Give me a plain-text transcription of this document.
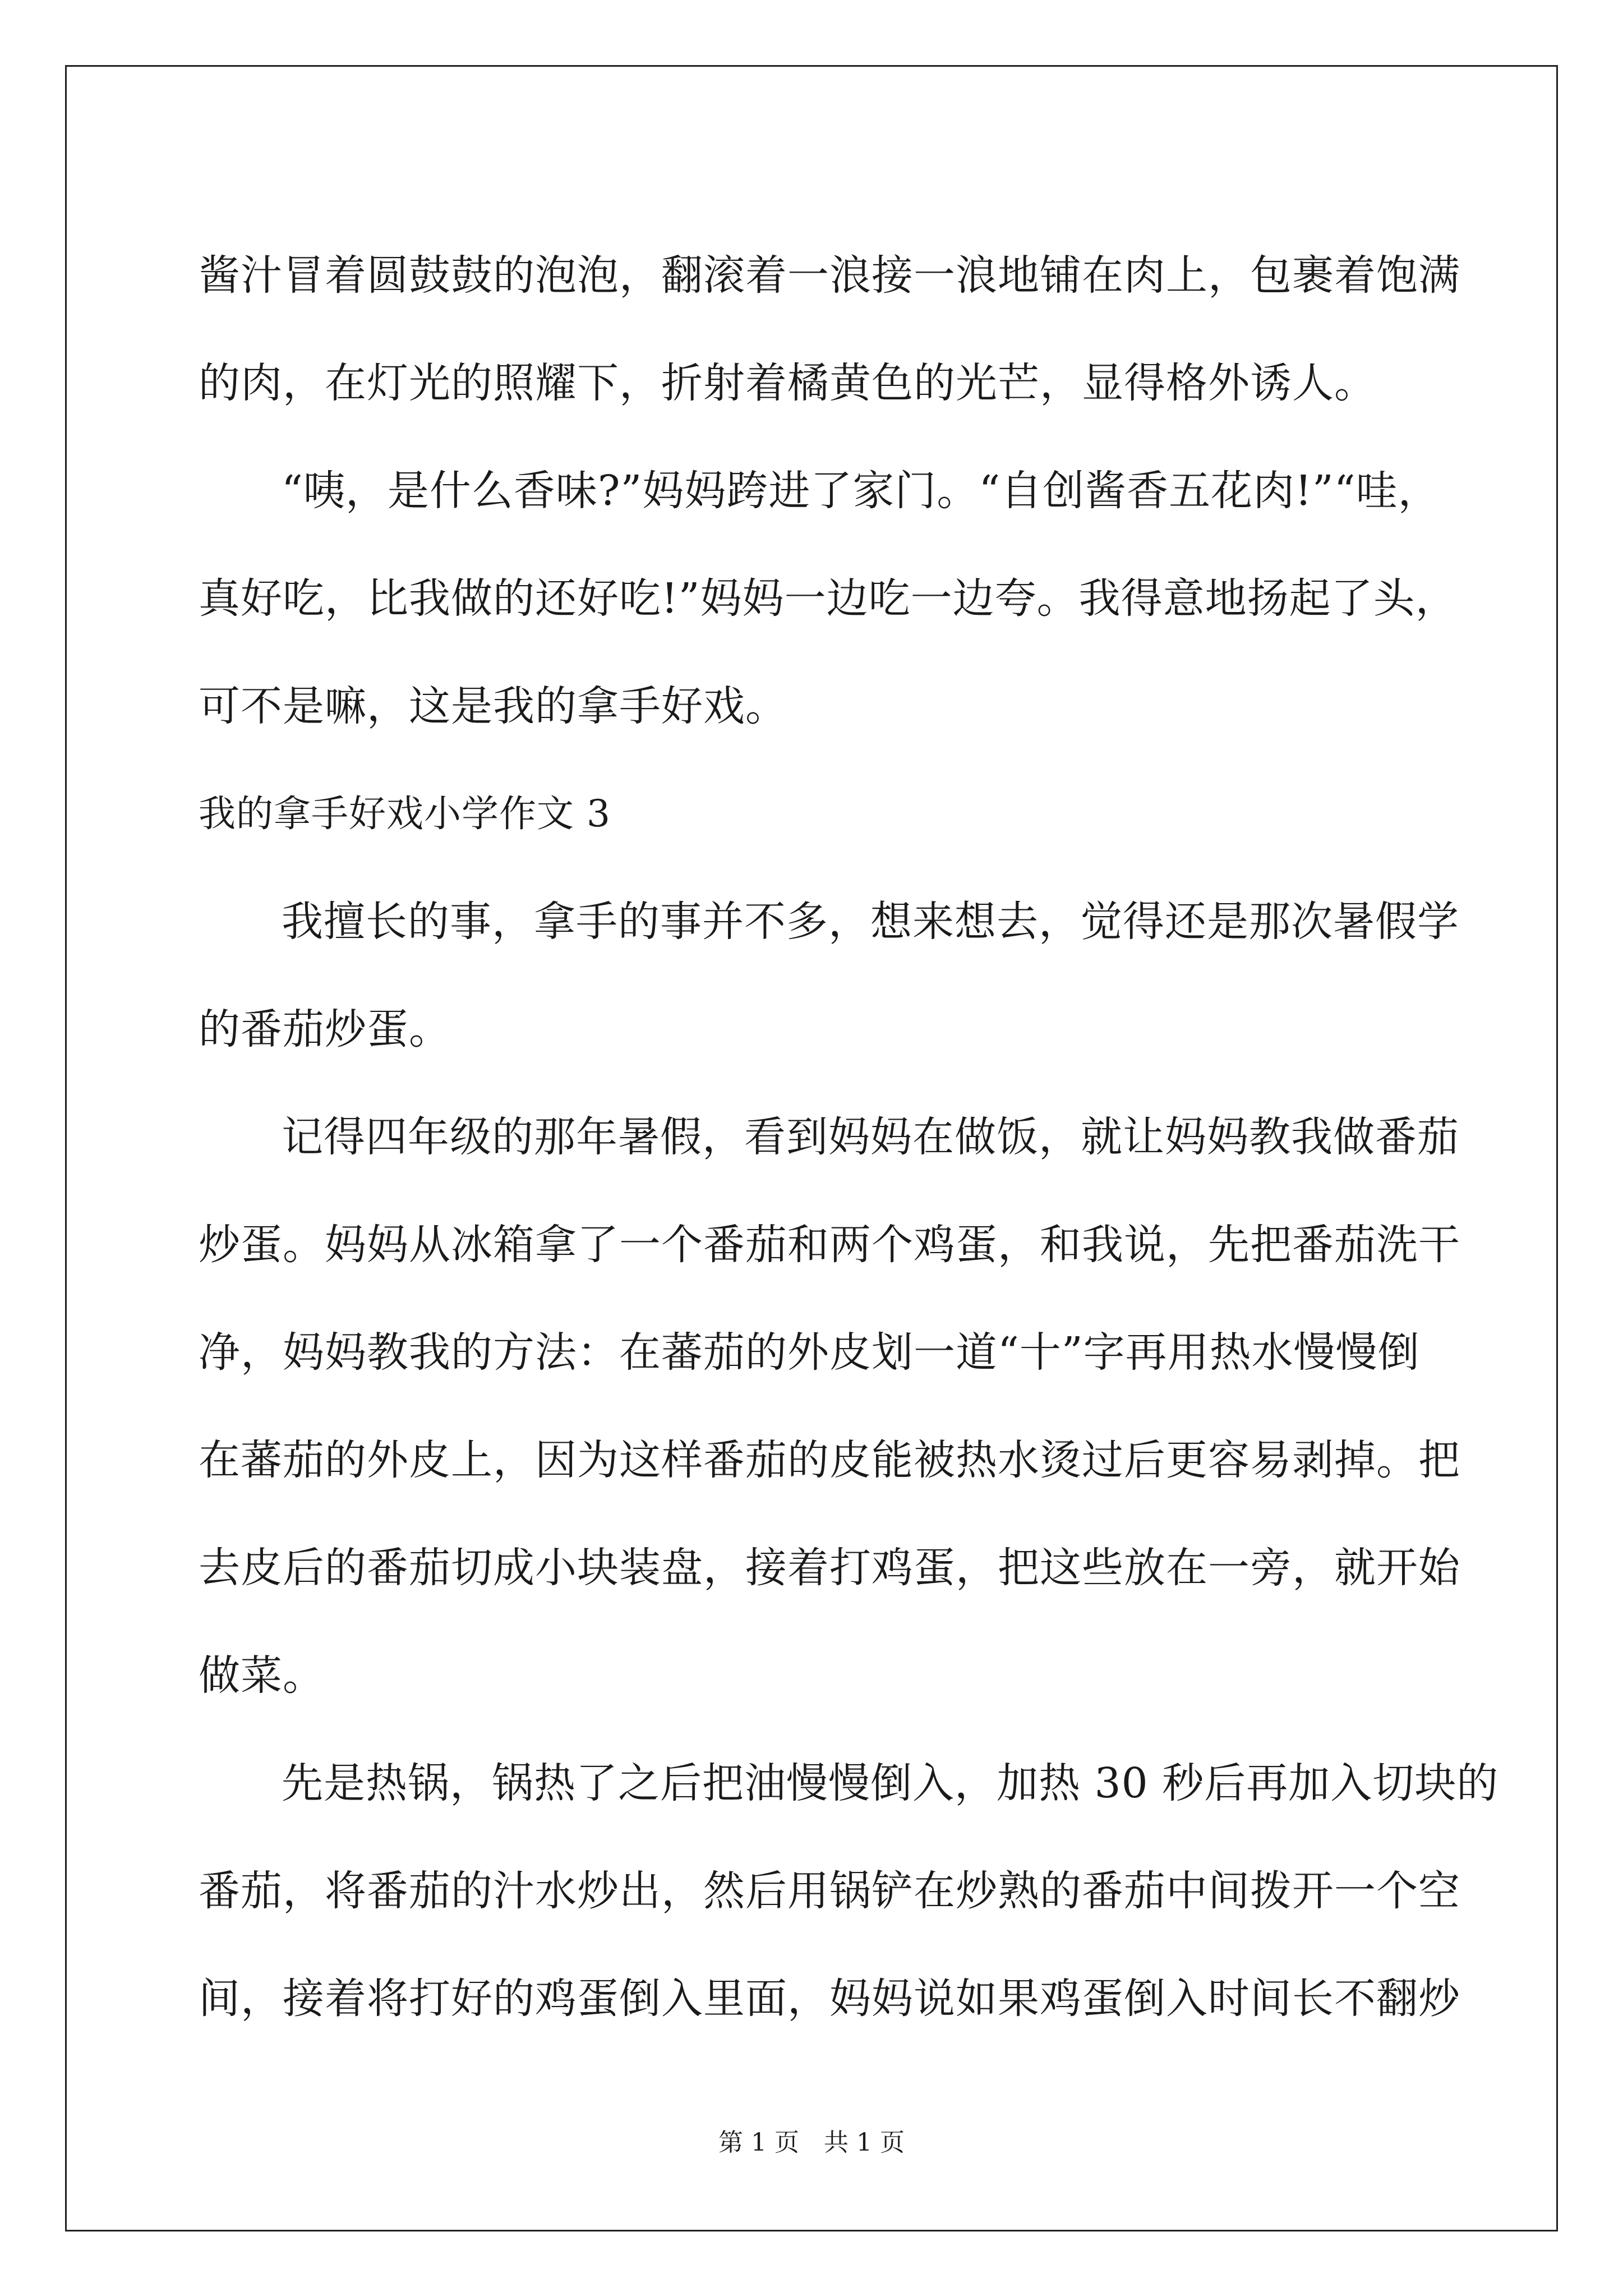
酱汁冒着圆鼓鼓的泡泡，翻滚着一浪接一浪地铺在肉上，包裹着饱满
的肉，在灯光的照耀下，折射着橘黄色的光芒，显得格外诱人。
“咦，是什么香味?”妈妈跨进了家门。“自创酱香五花肉!”“哇，
真好吃，比我做的还好吃!”妈妈一边吃一边夸。我得意地扬起了头，
可不是嘛，这是我的拿手好戏。
我的拿手好戏小学作文 3
我擅长的事，拿手的事并不多，想来想去，觉得还是那次暑假学
的番茄炒蛋。
记得四年级的那年暑假，看到妈妈在做饭，就让妈妈教我做番茄
炒蛋。妈妈从冰箱拿了一个番茄和两个鸡蛋，和我说，先把番茄洗干
净，妈妈教我的方法：在蕃茄的外皮划一道“十”字再用热水慢慢倒
在蕃茄的外皮上，因为这样番茄的皮能被热水烫过后更容易剥掉。把
去皮后的番茄切成小块装盘，接着打鸡蛋，把这些放在一旁，就开始
做菜。
先是热锅，锅热了之后把油慢慢倒入，加热 30 秒后再加入切块的
番茄，将番茄的汁水炒出，然后用锅铲在炒熟的番茄中间拨开一个空
间，接着将打好的鸡蛋倒入里面，妈妈说如果鸡蛋倒入时间长不翻炒
第 1 页　共 1 页
